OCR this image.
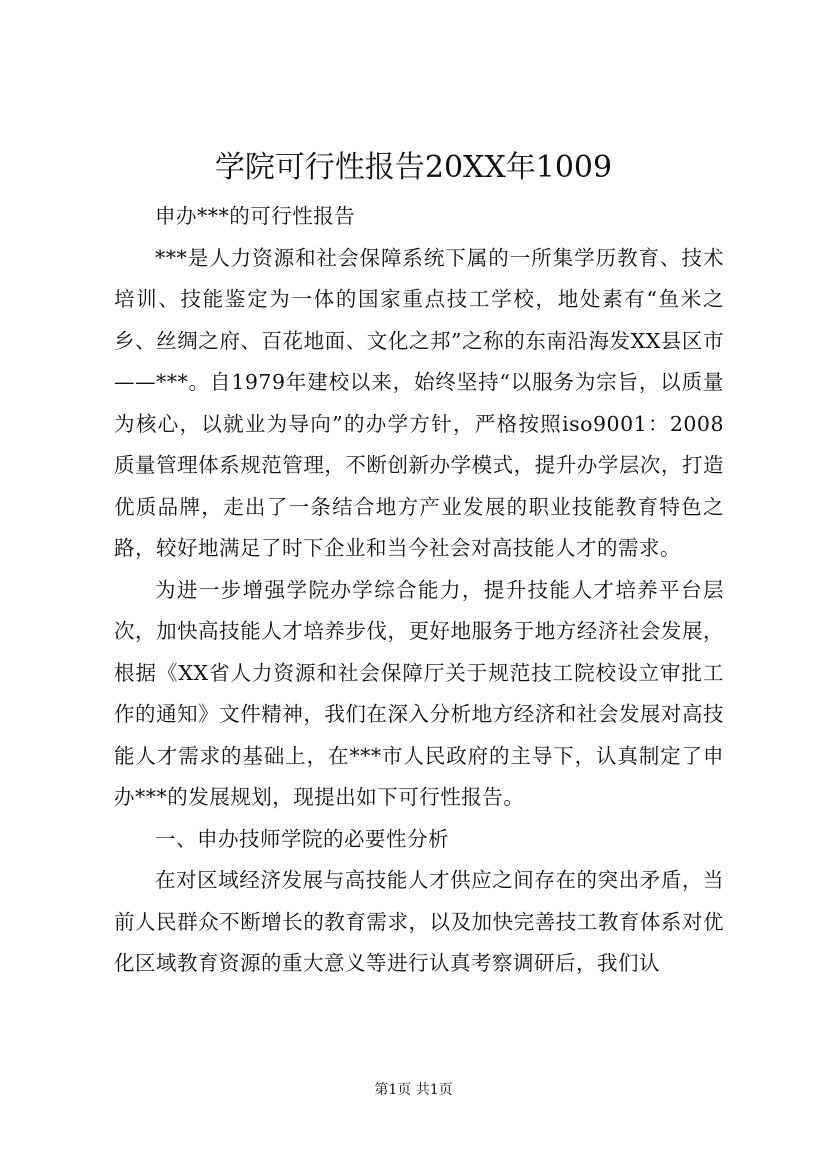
学院可行性报告20XX年1009

申办***的可行性报告

***是人力资源和社会保障系统下属的一所集学历教育、技术培训、技能鉴定为一体的国家重点技工学校，地处素有“鱼米之乡、丝绸之府、百花地面、文化之邦”之称的东南沿海发XX县区市——***。自1979年建校以来，始终坚持“以服务为宗旨，以质量为核心，以就业为导向”的办学方针，严格按照iso9001：2008质量管理体系规范管理，不断创新办学模式，提升办学层次，打造优质品牌，走出了一条结合地方产业发展的职业技能教育特色之路，较好地满足了时下企业和当今社会对高技能人才的需求。

为进一步增强学院办学综合能力，提升技能人才培养平台层次，加快高技能人才培养步伐，更好地服务于地方经济社会发展，根据《XX省人力资源和社会保障厅关于规范技工院校设立审批工作的通知》文件精神，我们在深入分析地方经济和社会发展对高技能人才需求的基础上，在***市人民政府的主导下，认真制定了申办***的发展规划，现提出如下可行性报告。

一、申办技师学院的必要性分析

在对区域经济发展与高技能人才供应之间存在的突出矛盾，当前人民群众不断增长的教育需求，以及加快完善技工教育体系对优化区域教育资源的重大意义等进行认真考察调研后，我们认

第1页 共1页
